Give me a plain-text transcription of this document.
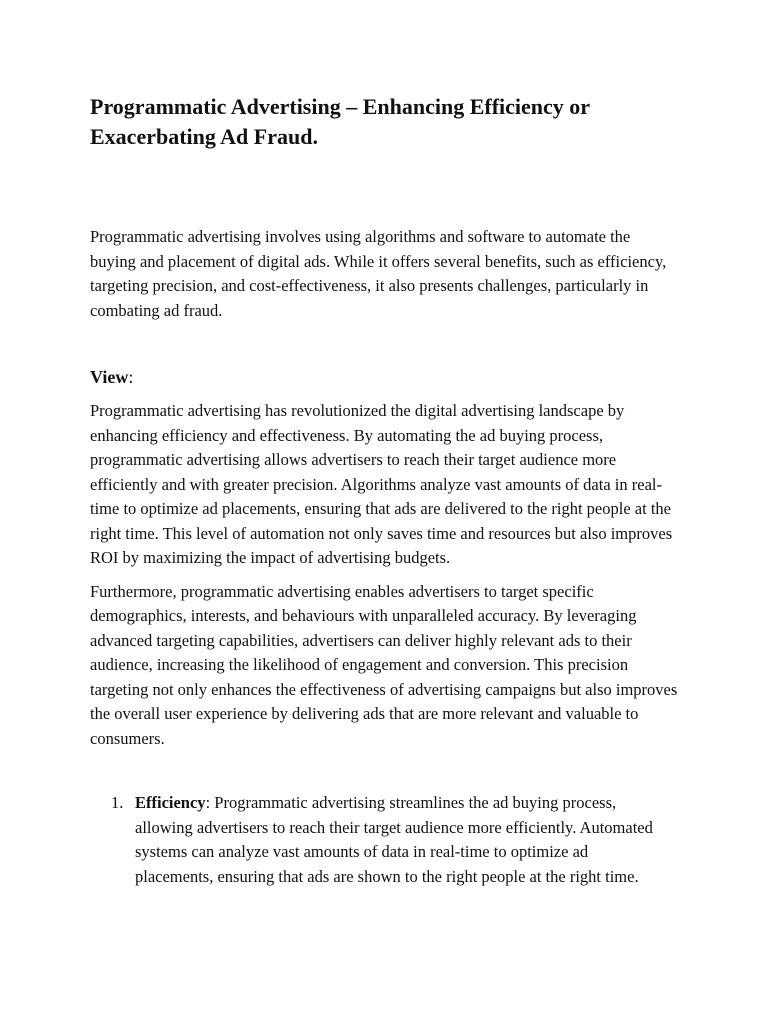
Programmatic Advertising – Enhancing Efficiency or Exacerbating Ad Fraud.

Programmatic advertising involves using algorithms and software to automate the buying and placement of digital ads. While it offers several benefits, such as efficiency, targeting precision, and cost-effectiveness, it also presents challenges, particularly in combating ad fraud.

View:

Programmatic advertising has revolutionized the digital advertising landscape by enhancing efficiency and effectiveness. By automating the ad buying process, programmatic advertising allows advertisers to reach their target audience more efficiently and with greater precision. Algorithms analyze vast amounts of data in real-time to optimize ad placements, ensuring that ads are delivered to the right people at the right time. This level of automation not only saves time and resources but also improves ROI by maximizing the impact of advertising budgets.

Furthermore, programmatic advertising enables advertisers to target specific demographics, interests, and behaviours with unparalleled accuracy. By leveraging advanced targeting capabilities, advertisers can deliver highly relevant ads to their audience, increasing the likelihood of engagement and conversion. This precision targeting not only enhances the effectiveness of advertising campaigns but also improves the overall user experience by delivering ads that are more relevant and valuable to consumers.

1. Efficiency: Programmatic advertising streamlines the ad buying process, allowing advertisers to reach their target audience more efficiently. Automated systems can analyze vast amounts of data in real-time to optimize ad placements, ensuring that ads are shown to the right people at the right time.
